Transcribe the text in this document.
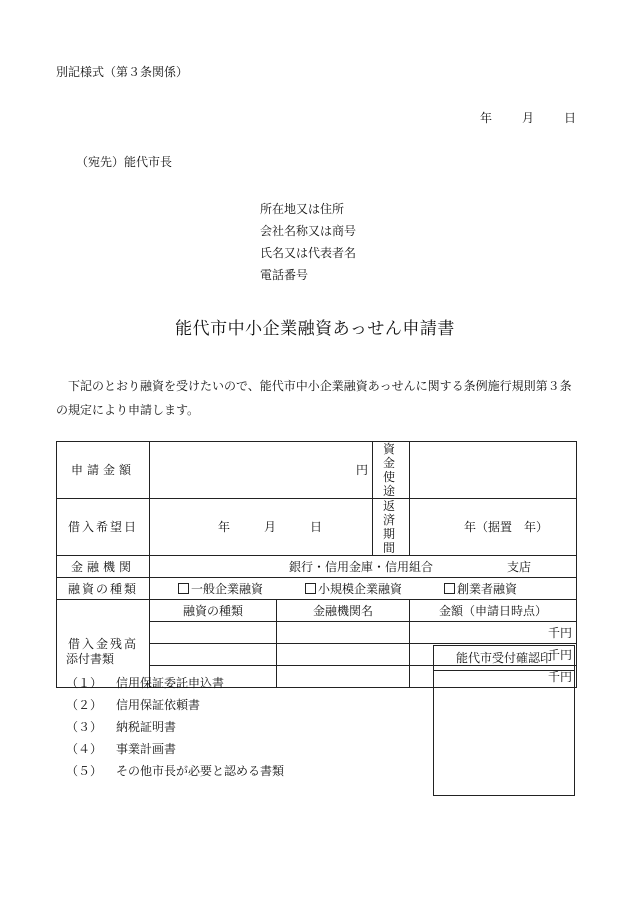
別記様式（第３条関係）
年 月 日
（宛先）能代市長
所在地又は住所
会社名称又は商号
氏名又は代表者名
電話番号
能代市中小企業融資あっせん申請書
下記のとおり融資を受けたいので、能代市中小企業融資あっせんに関する条例施行規則第３条の規定により申請します。
申請金額	円		資金使途	
借入希望日	年 月 日		返済期間	年（据置　年）
金融機関	銀行・信用金庫・信用組合 支店			
融資の種類	一般企業融資 小規模企業融資 創業者融資			
借入金残高	融資の種類	金融機関名		金額（申請日時点）
				千円
				千円
				千円
添付書類
（１） 信用保証委託申込書
（２） 信用保証依頼書
（３） 納税証明書
（４） 事業計画書
（５） その他市長が必要と認める書類
能代市受付確認印
